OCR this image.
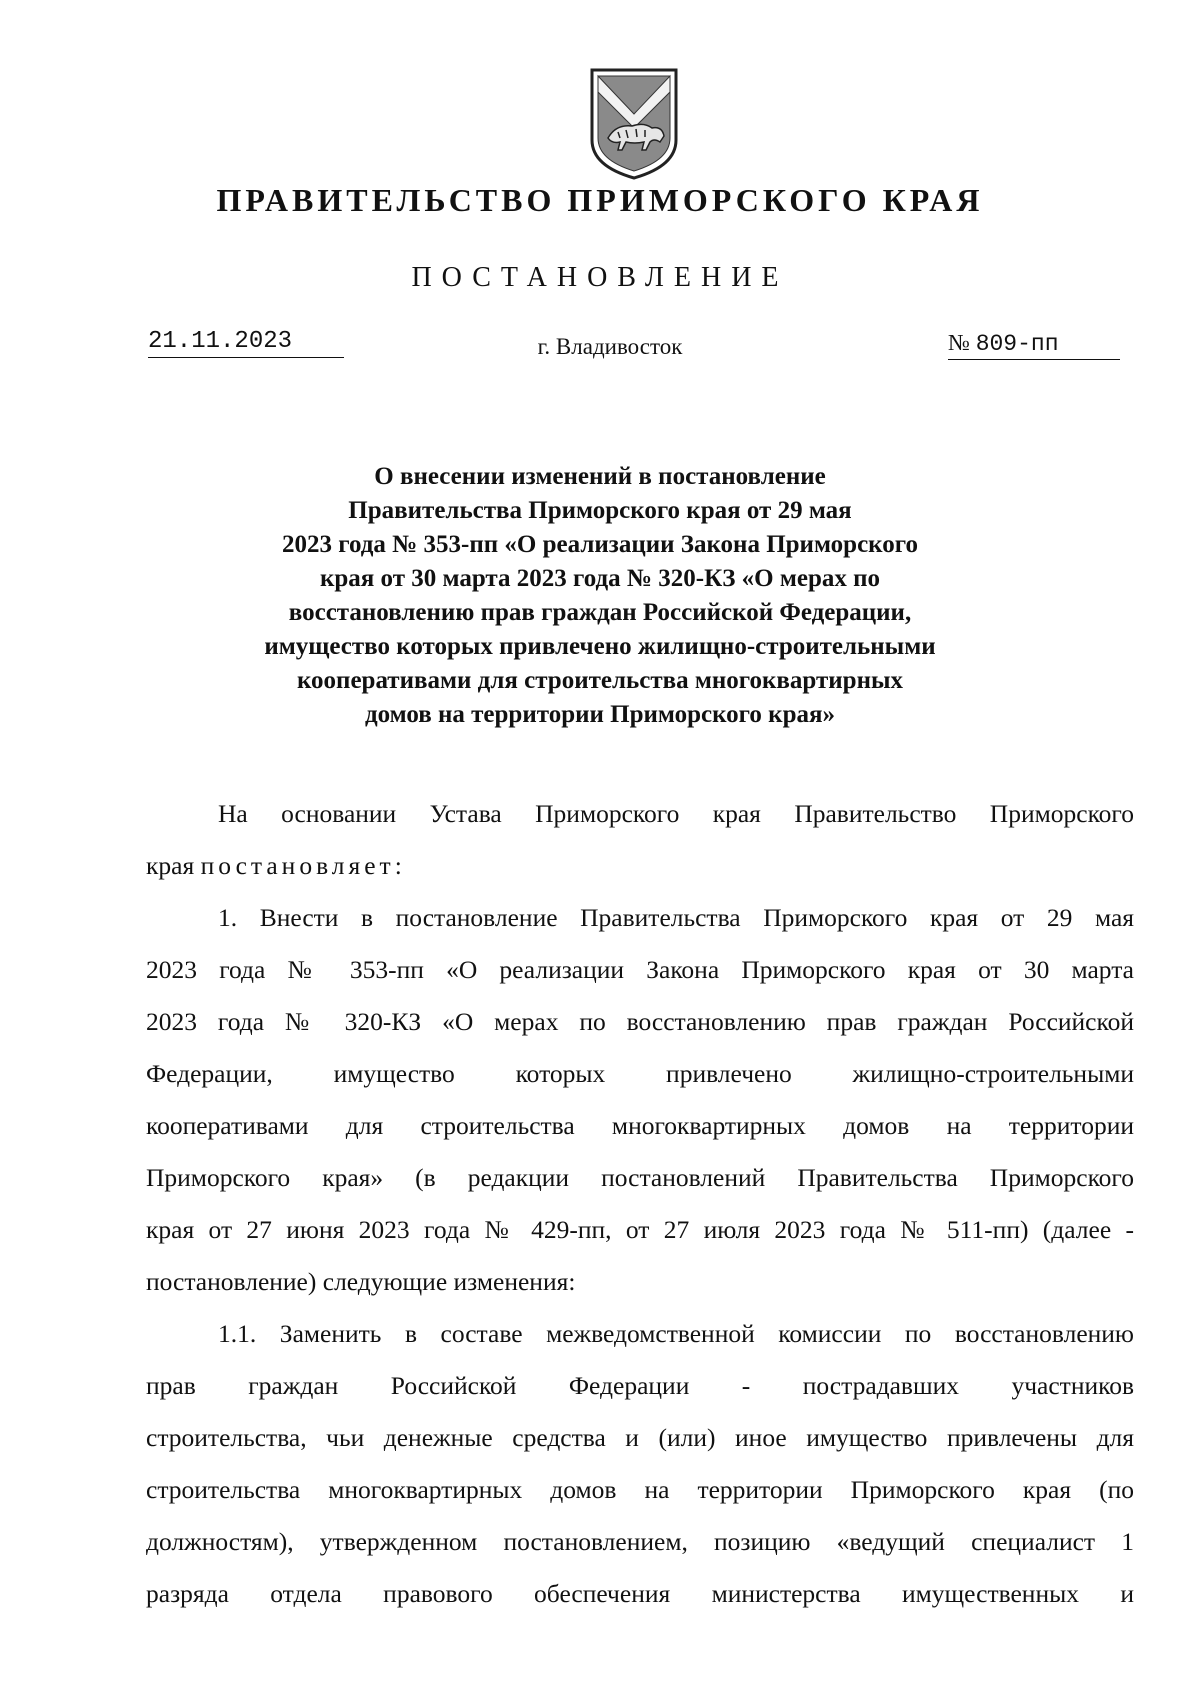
ПРАВИТЕЛЬСТВО ПРИМОРСКОГО КРАЯ
ПОСТАНОВЛЕНИЕ
21.11.2023	г. Владивосток	№ 809-пп
О внесении изменений в постановление
Правительства Приморского края от 29 мая
2023 года № 353-пп «О реализации Закона Приморского
края от 30 марта 2023 года № 320-КЗ «О мерах по
восстановлению прав граждан Российской Федерации,
имущество которых привлечено жилищно-строительными
кооперативами для строительства многоквартирных
домов на территории Приморского края»
На основании Устава Приморского края Правительство Приморского
края постановляет:
1. Внести в постановление Правительства Приморского края от 29 мая
2023 года № 353-пп «О реализации Закона Приморского края от 30 марта
2023 года № 320-КЗ «О мерах по восстановлению прав граждан Российской
Федерации, имущество которых привлечено жилищно-строительными
кооперативами для строительства многоквартирных домов на территории
Приморского края» (в редакции постановлений Правительства Приморского
края от 27 июня 2023 года № 429-пп, от 27 июля 2023 года № 511-пп) (далее -
постановление) следующие изменения:
1.1. Заменить в составе межведомственной комиссии по восстановлению
прав граждан Российской Федерации - пострадавших участников
строительства, чьи денежные средства и (или) иное имущество привлечены для
строительства многоквартирных домов на территории Приморского края (по
должностям), утвержденном постановлением, позицию «ведущий специалист 1
разряда отдела правового обеспечения министерства имущественных и
